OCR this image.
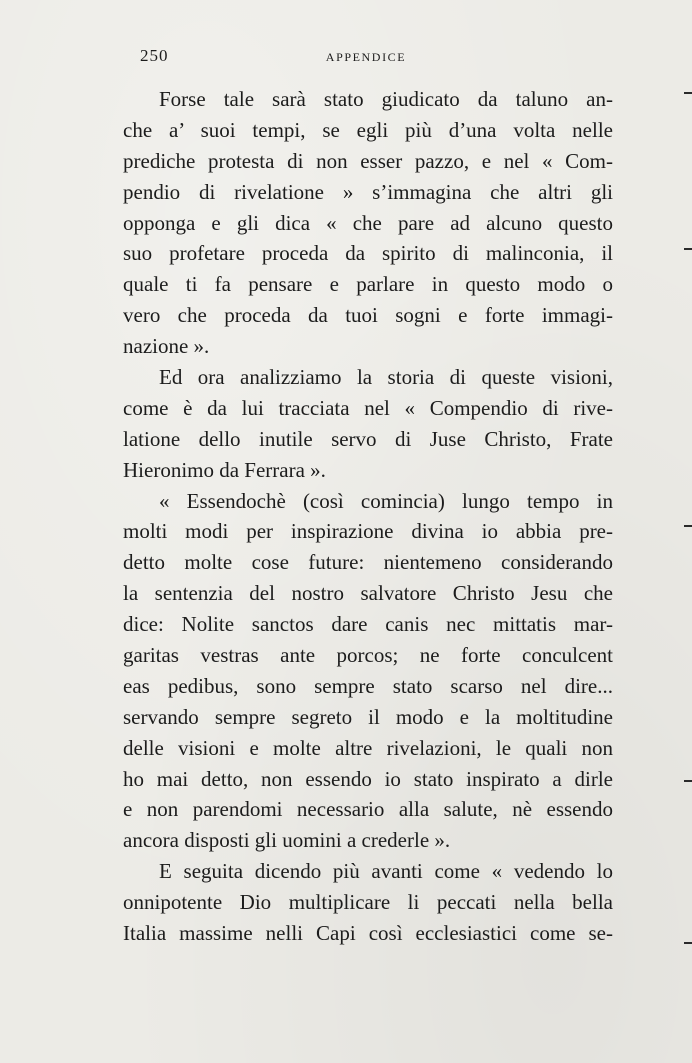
250	APPENDICE
Forse tale sarà stato giudicato da taluno an-
che a’ suoi tempi, se egli più d’una volta nelle
prediche protesta di non esser pazzo, e nel « Com-
pendio di rivelatione » s’immagina che altri gli
opponga e gli dica « che pare ad alcuno questo
suo profetare proceda da spirito di malinconia, il
quale ti fa pensare e parlare in questo modo o
vero che proceda da tuoi sogni e forte immagi-
nazione ».
Ed ora analizziamo la storia di queste visioni,
come è da lui tracciata nel « Compendio di rive-
latione dello inutile servo di Juse Christo, Frate
Hieronimo da Ferrara ».
« Essendochè (così comincia) lungo tempo in
molti modi per inspirazione divina io abbia pre-
detto molte cose future: nientemeno considerando
la sentenzia del nostro salvatore Christo Jesu che
dice: Nolite sanctos dare canis nec mittatis mar-
garitas vestras ante porcos; ne forte conculcent
eas pedibus, sono sempre stato scarso nel dire...
servando sempre segreto il modo e la moltitudine
delle visioni e molte altre rivelazioni, le quali non
ho mai detto, non essendo io stato inspirato a dirle
e non parendomi necessario alla salute, nè essendo
ancora disposti gli uomini a crederle ».
E seguita dicendo più avanti come « vedendo lo
onnipotente Dio multiplicare li peccati nella bella
Italia massime nelli Capi così ecclesiastici come se-
